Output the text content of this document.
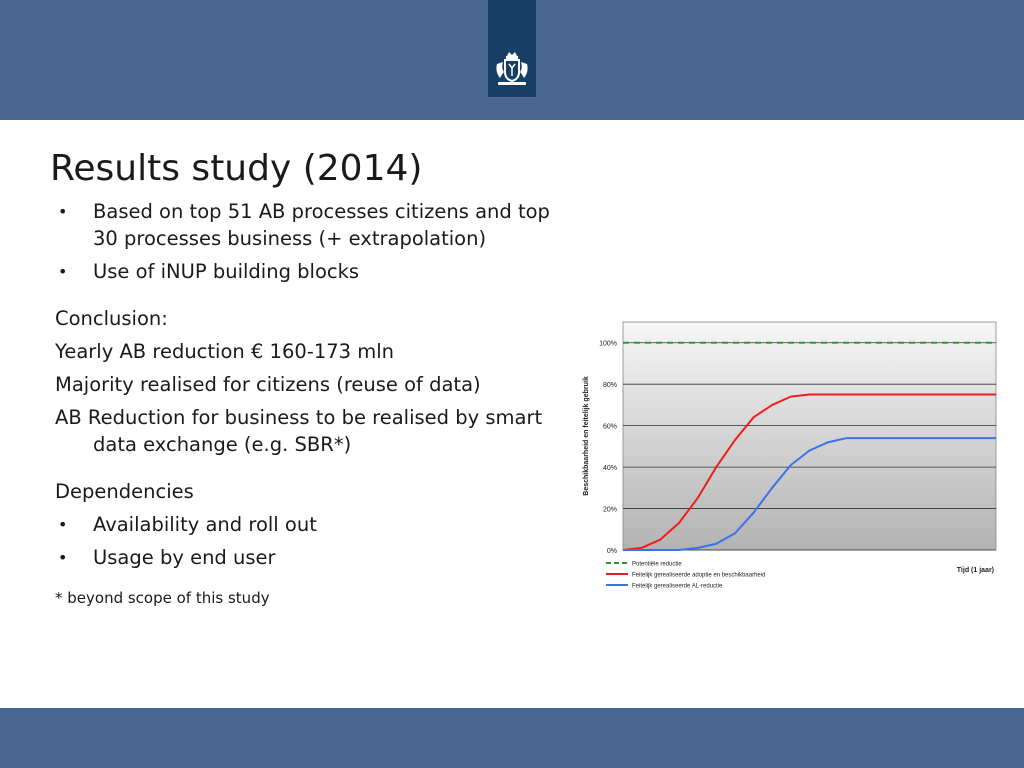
Results study (2014)
• Based on top 51 AB processes citizens and top 30 processes business (+ extrapolation)
• Use of iNUP building blocks
Conclusion:
Yearly AB reduction € 160-173 mln
Majority realised for citizens (reuse of data)
AB Reduction for business to be realised by smart data exchange (e.g. SBR*)
Dependencies
• Availability and roll out
• Usage by end user
* beyond scope of this study
0%
20%
40%
60%
80%
100%
Beschikbaarheid en feitelijk gebruik
Tijd (1 jaar)
Potentiële reductie
Feitelijk gerealiseerde adoptie en beschikbaarheid
Feitelijk gerealiseerde AL-reductie
